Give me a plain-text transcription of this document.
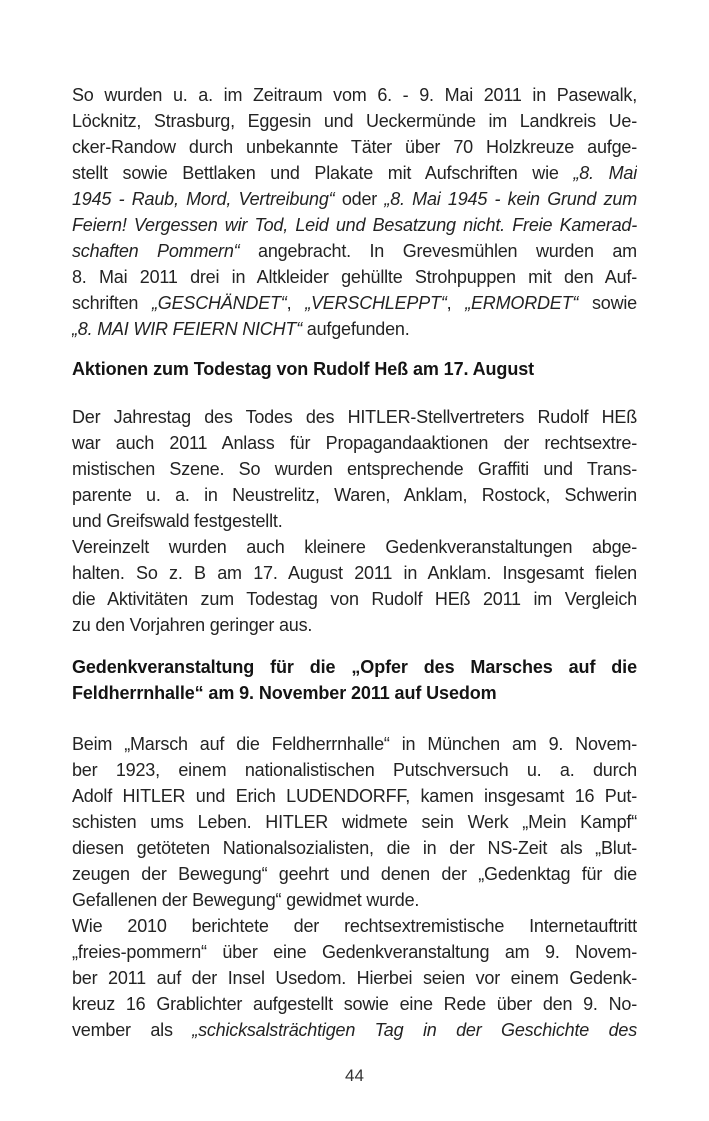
So wurden u. a. im Zeitraum vom 6. - 9. Mai 2011 in Pasewalk,
Löcknitz, Strasburg, Eggesin und Ueckermünde im Landkreis Ue-
cker-Randow durch unbekannte Täter über 70 Holzkreuze aufge-
stellt sowie Bettlaken und Plakate mit Aufschriften wie „8. Mai
1945 - Raub, Mord, Vertreibung“ oder „8. Mai 1945 - kein Grund zum
Feiern! Vergessen wir Tod, Leid und Besatzung nicht. Freie Kamerad-
schaften Pommern“ angebracht. In Grevesmühlen wurden am
8. Mai 2011 drei in Altkleider gehüllte Strohpuppen mit den Auf-
schriften „GESCHÄNDET“, „VERSCHLEPPT“, „ERMORDET“ sowie
„8. MAI WIR FEIERN NICHT“ aufgefunden.
Aktionen zum Todestag von Rudolf Heß am 17. August
Der Jahrestag des Todes des HITLER-Stellvertreters Rudolf HEß
war auch 2011 Anlass für Propagandaaktionen der rechtsextre-
mistischen Szene. So wurden entsprechende Graffiti und Trans-
parente u. a. in Neustrelitz, Waren, Anklam, Rostock, Schwerin
und Greifswald festgestellt.
Vereinzelt wurden auch kleinere Gedenkveranstaltungen abge-
halten. So z. B am 17. August 2011 in Anklam. Insgesamt fielen
die Aktivitäten zum Todestag von Rudolf HEß 2011 im Vergleich
zu den Vorjahren geringer aus.
Gedenkveranstaltung für die „Opfer des Marsches auf die
Feldherrnhalle“ am 9. November 2011 auf Usedom
Beim „Marsch auf die Feldherrnhalle“ in München am 9. Novem-
ber 1923, einem nationalistischen Putschversuch u. a. durch
Adolf HITLER und Erich LUDENDORFF, kamen insgesamt 16 Put-
schisten ums Leben. HITLER widmete sein Werk „Mein Kampf“
diesen getöteten Nationalsozialisten, die in der NS-Zeit als „Blut-
zeugen der Bewegung“ geehrt und denen der „Gedenktag für die
Gefallenen der Bewegung“ gewidmet wurde.
Wie 2010 berichtete der rechtsextremistische Internetauftritt
„freies-pommern“ über eine Gedenkveranstaltung am 9. Novem-
ber 2011 auf der Insel Usedom. Hierbei seien vor einem Gedenk-
kreuz 16 Grablichter aufgestellt sowie eine Rede über den 9. No-
vember als „schicksalsträchtigen Tag in der Geschichte des
44
